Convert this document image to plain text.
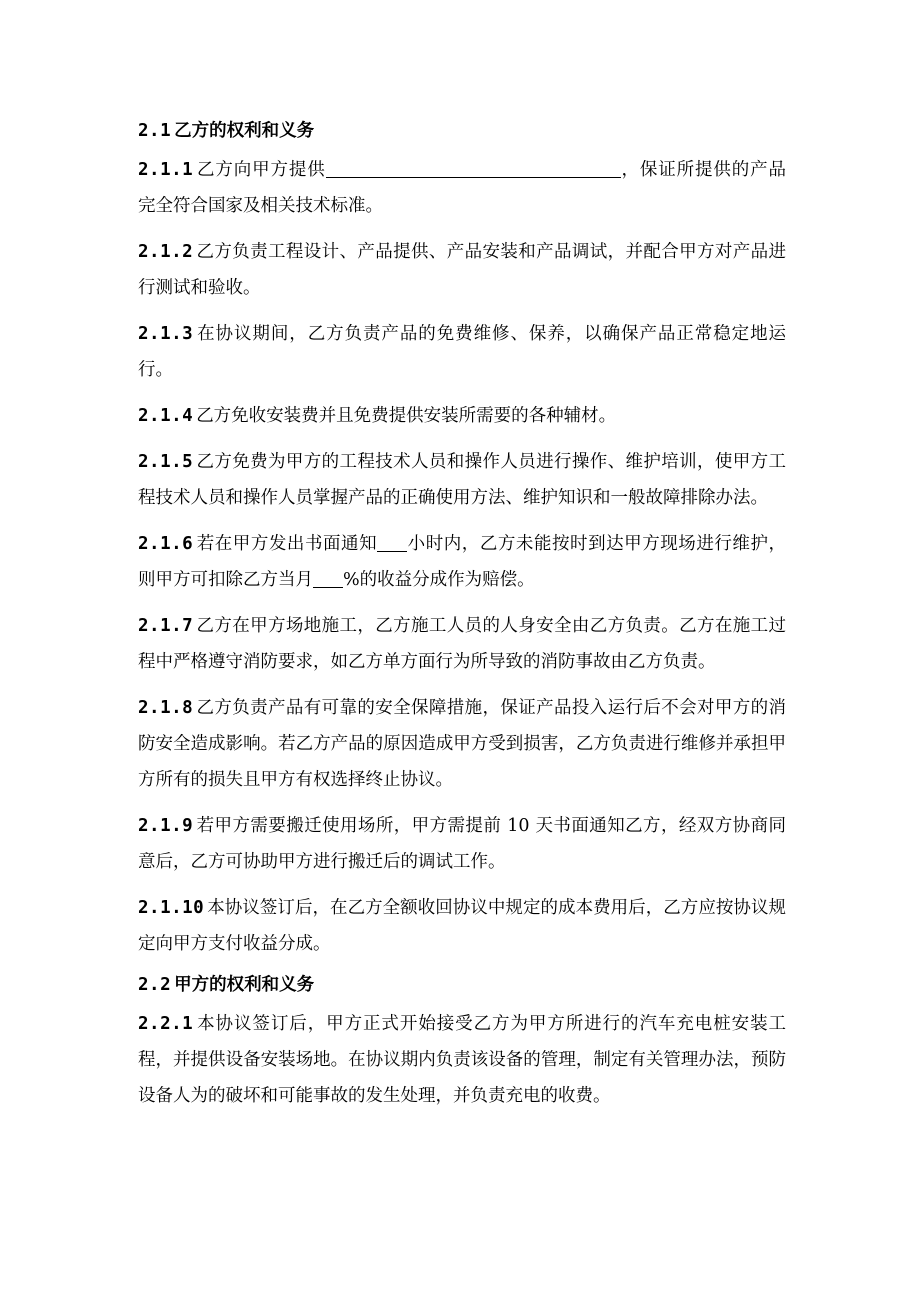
2.1 乙方的权利和义务

2.1.1 乙方向甲方提供	，保证所提供的产品完全符合国家及相关技术标准。

2.1.2 乙方负责工程设计、产品提供、产品安装和产品调试，并配合甲方对产品进行测试和验收。

2.1.3 在协议期间，乙方负责产品的免费维修、保养，以确保产品正常稳定地运行。

2.1.4 乙方免收安装费并且免费提供安装所需要的各种辅材。

2.1.5 乙方免费为甲方的工程技术人员和操作人员进行操作、维护培训，使甲方工程技术人员和操作人员掌握产品的正确使用方法、维护知识和一般故障排除办法。

2.1.6 若在甲方发出书面通知 小时内，乙方未能按时到达甲方现场进行维护，则甲方可扣除乙方当月 %的收益分成作为赔偿。

2.1.7 乙方在甲方场地施工，乙方施工人员的人身安全由乙方负责。乙方在施工过程中严格遵守消防要求，如乙方单方面行为所导致的消防事故由乙方负责。

2.1.8 乙方负责产品有可靠的安全保障措施，保证产品投入运行后不会对甲方的消防安全造成影响。若乙方产品的原因造成甲方受到损害，乙方负责进行维修并承担甲方所有的损失且甲方有权选择终止协议。

2.1.9 若甲方需要搬迁使用场所，甲方需提前 10 天书面通知乙方，经双方协商同意后，乙方可协助甲方进行搬迁后的调试工作。

2.1.10 本协议签订后，在乙方全额收回协议中规定的成本费用后，乙方应按协议规定向甲方支付收益分成。

2.2 甲方的权利和义务

2.2.1 本协议签订后，甲方正式开始接受乙方为甲方所进行的汽车充电桩安装工程，并提供设备安装场地。在协议期内负责该设备的管理，制定有关管理办法，预防设备人为的破坏和可能事故的发生处理，并负责充电的收费。
